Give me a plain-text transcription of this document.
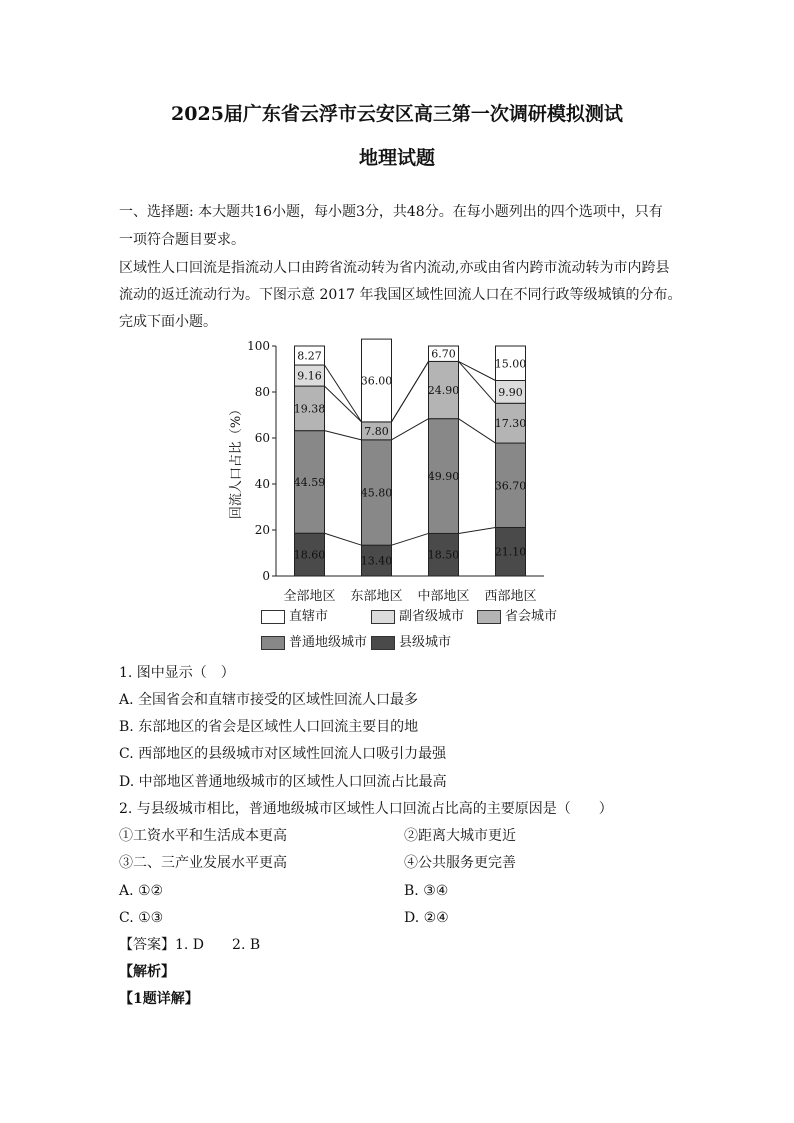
2025届广东省云浮市云安区高三第一次调研模拟测试
地理试题
一、选择题: 本大题共16小题，每小题3分，共48分。在每小题列出的四个选项中，只有
一项符合题目要求。
区域性人口回流是指流动人口由跨省流动转为省内流动,亦或由省内跨市流动转为市内跨县
流动的返迁流动行为。下图示意 2017 年我国区域性回流人口在不同行政等级城镇的分布。
完成下面小题。
0
20
40
60
80
100
回流人口占比（%）
18.60
44.59
19.38
9.16
8.27
全部地区
13.40
45.80
7.80
36.00
东部地区
18.50
49.90
24.90
6.70
中部地区
21.10
36.70
17.30
9.90
15.00
西部地区
直辖市	副省级城市	省会城市
普通地级城市 县级城市
1. 图中显示（　）
A. 全国省会和直辖市接受的区域性回流人口最多
B. 东部地区的省会是区域性人口回流主要目的地
C. 西部地区的县级城市对区域性回流人口吸引力最强
D. 中部地区普通地级城市的区域性人口回流占比最高
2. 与县级城市相比，普通地级城市区域性人口回流占比高的主要原因是（　　）
①工资水平和生活成本更高	②距离大城市更近
③二、三产业发展水平更高	④公共服务更完善
A. ①②	B. ③④
C. ①③	D. ②④
【答案】1. D　　2. B
【解析】
【1题详解】
